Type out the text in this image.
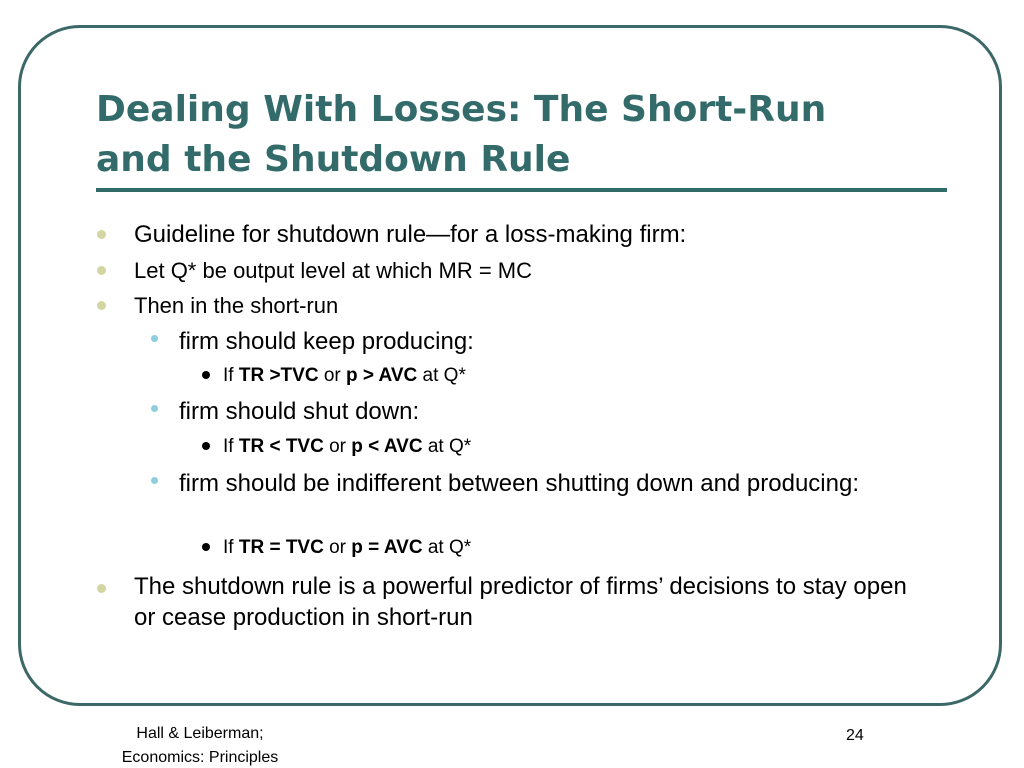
Dealing With Losses: The Short-Run
and the Shutdown Rule
Guideline for shutdown rule—for a loss-making firm:
Let Q* be output level at which MR = MC
Then in the short-run
firm should keep producing:
If TR >TVC or p > AVC at Q*
firm should shut down:
If TR < TVC or p < AVC at Q*
firm should be indifferent between shutting down and producing:
If TR = TVC or p = AVC at Q*
The shutdown rule is a powerful predictor of firms’ decisions to stay open or cease production in short-run
Hall & Leiberman;
Economics: Principles
24
